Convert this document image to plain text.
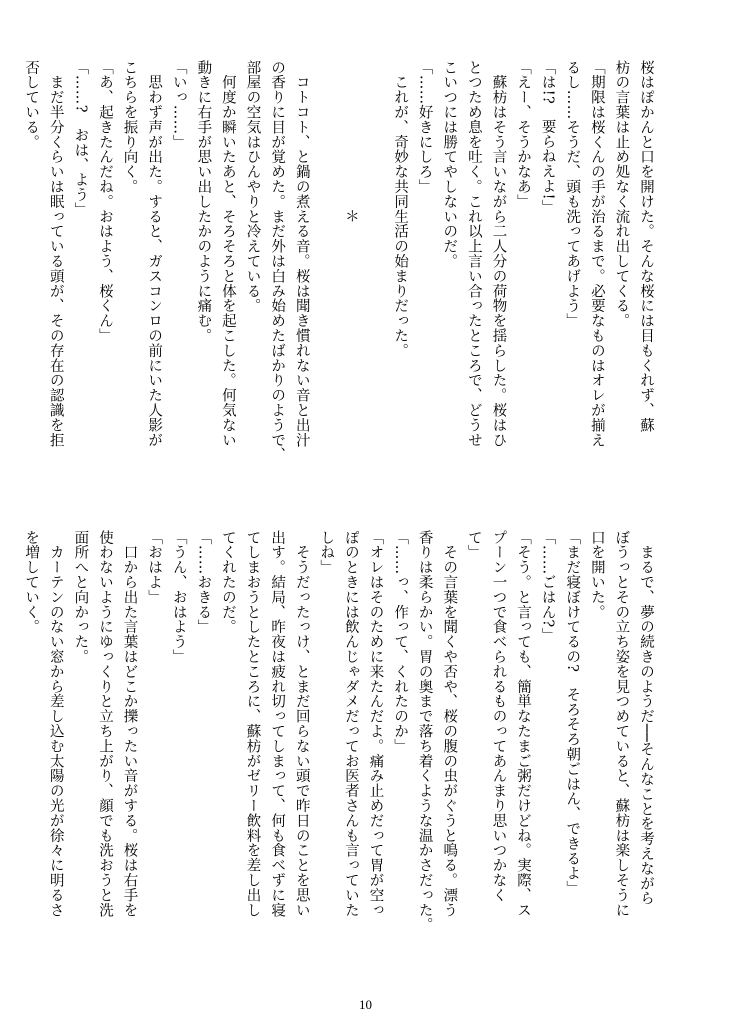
桜はぽかんと口を開けた。そんな桜には目もくれず、蘇
枋の言葉は止め処なく流れ出してくる。
「期限は桜くんの手が治るまで。必要なものはオレが揃え
るし……そうだ、頭も洗ってあげよう」
「は!?　要らねえよ!」
「えー、そうかなあ」
　蘇枋はそう言いながら二人分の荷物を揺らした。桜はひ
とつため息を吐く。これ以上言い合ったところで、どうせ
こいつには勝てやしないのだ。
「……好きにしろ」
　これが、奇妙な共同生活の始まりだった。

　　　　　　　　　　＊

　コトコト、と鍋の煮える音。桜は聞き慣れない音と出汁
の香りに目が覚めた。まだ外は白み始めたばかりのようで、
部屋の空気はひんやりと冷えている。
　何度か瞬いたあと、そろそろと体を起こした。何気ない
動きに右手が思い出したかのように痛む。
「いっ……」
　思わず声が出た。すると、ガスコンロの前にいた人影が
こちらを振り向く。
「あ、起きたんだね。おはよう、桜くん」
「……?　おは、よう」
　まだ半分くらいは眠っている頭が、その存在の認識を拒
否している。
　まるで、夢の続きのようだ──そんなことを考えながら
ぼうっとその立ち姿を見つめていると、蘇枋は楽しそうに
口を開いた。
「まだ寝ぼけてるの?　そろそろ朝ごはん、できるよ」
「……ごはん?」
「そう。と言っても、簡単なたまご粥だけどね。実際、ス
プーン一つで食べられるものってあんまり思いつかなく
て」
　その言葉を聞くや否や、桜の腹の虫がぐうと鳴る。漂う
香りは柔らかい。胃の奥まで落ち着くような温かさだった。
「……っ、作って、くれたのか」
「オレはそのために来たんだよ。痛み止めだって胃が空っ
ぽのときには飲んじゃダメだってお医者さんも言っていた
しね」
　そうだったっけ、とまだ回らない頭で昨日のことを思い
出す。結局、昨夜は疲れ切ってしまって、何も食べずに寝
てしまおうとしたところに、蘇枋がゼリー飲料を差し出し
てくれたのだ。
「……おきる」
「うん、おはよう」
「おはよ」
　口から出た言葉はどこか擽ったい音がする。桜は右手を
使わないようにゆっくりと立ち上がり、顔でも洗おうと洗
面所へと向かった。
　カーテンのない窓から差し込む太陽の光が徐々に明るさ
を増していく。
10
